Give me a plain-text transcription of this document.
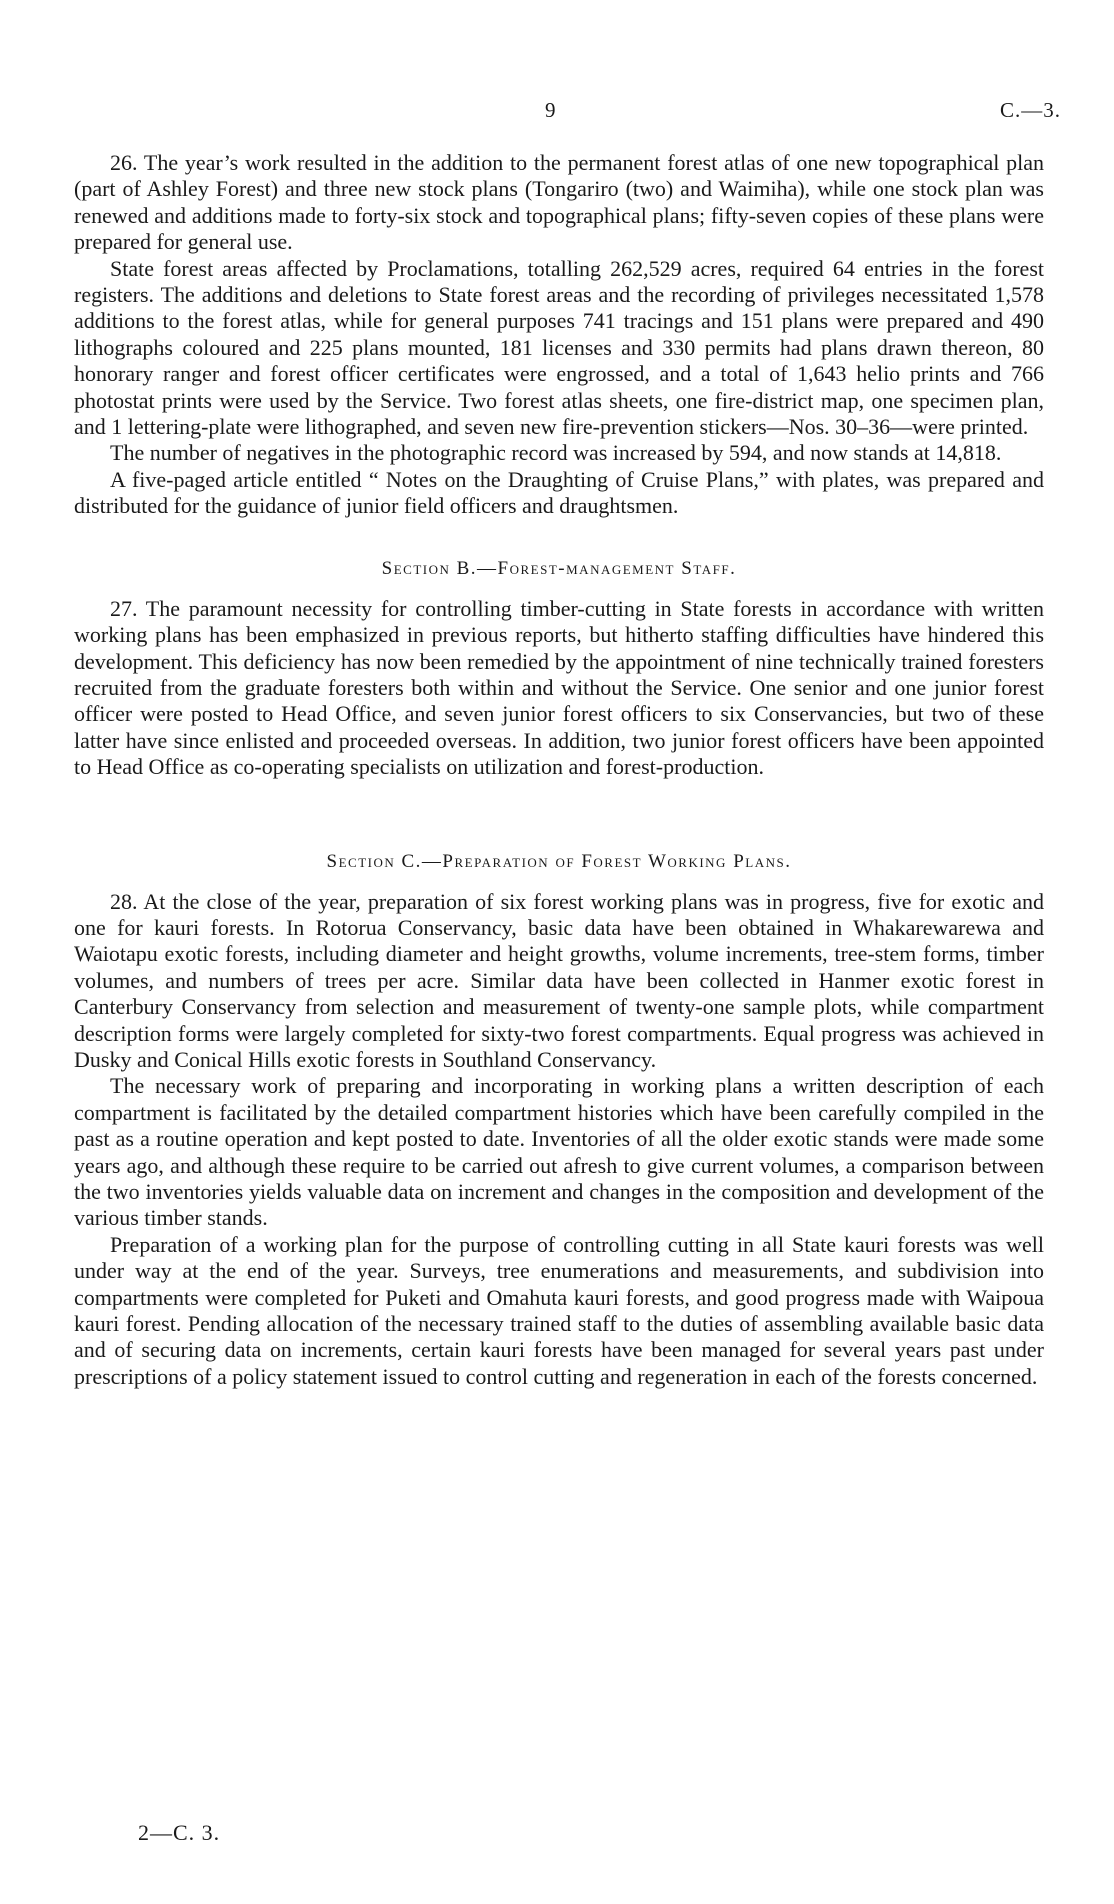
9	C.—3.

26. The year’s work resulted in the addition to the permanent forest atlas of one new topographical plan (part of Ashley Forest) and three new stock plans (Tongariro (two) and Waimiha), while one stock plan was renewed and additions made to forty-six stock and topographical plans; fifty-seven copies of these plans were prepared for general use.

State forest areas affected by Proclamations, totalling 262,529 acres, required 64 entries in the forest registers. The additions and deletions to State forest areas and the recording of privileges necessitated 1,578 additions to the forest atlas, while for general purposes 741 tracings and 151 plans were prepared and 490 lithographs coloured and 225 plans mounted, 181 licenses and 330 permits had plans drawn thereon, 80 honorary ranger and forest officer certificates were engrossed, and a total of 1,643 helio prints and 766 photostat prints were used by the Service. Two forest atlas sheets, one fire-district map, one specimen plan, and 1 lettering-plate were lithographed, and seven new fire-prevention stickers—Nos. 30–36—were printed.

The number of negatives in the photographic record was increased by 594, and now stands at 14,818.

A five-paged article entitled “ Notes on the Draughting of Cruise Plans,” with plates, was prepared and distributed for the guidance of junior field officers and draughtsmen.

Section B.—Forest-management Staff.

27. The paramount necessity for controlling timber-cutting in State forests in accordance with written working plans has been emphasized in previous reports, but hitherto staffing difficulties have hindered this development. This deficiency has now been remedied by the appointment of nine technically trained foresters recruited from the graduate foresters both within and without the Service. One senior and one junior forest officer were posted to Head Office, and seven junior forest officers to six Conservancies, but two of these latter have since enlisted and proceeded overseas. In addition, two junior forest officers have been appointed to Head Office as co-operating specialists on utilization and forest-production.

Section C.—Preparation of Forest Working Plans.

28. At the close of the year, preparation of six forest working plans was in progress, five for exotic and one for kauri forests. In Rotorua Conservancy, basic data have been obtained in Whakarewarewa and Waiotapu exotic forests, including diameter and height growths, volume increments, tree-stem forms, timber volumes, and numbers of trees per acre. Similar data have been collected in Hanmer exotic forest in Canterbury Conservancy from selection and measurement of twenty-one sample plots, while compartment description forms were largely completed for sixty-two forest compartments. Equal progress was achieved in Dusky and Conical Hills exotic forests in Southland Conservancy.

The necessary work of preparing and incorporating in working plans a written description of each compartment is facilitated by the detailed compartment histories which have been carefully compiled in the past as a routine operation and kept posted to date. Inventories of all the older exotic stands were made some years ago, and although these require to be carried out afresh to give current volumes, a comparison between the two inventories yields valuable data on increment and changes in the composition and development of the various timber stands.

Preparation of a working plan for the purpose of controlling cutting in all State kauri forests was well under way at the end of the year. Surveys, tree enumerations and measurements, and subdivision into compartments were completed for Puketi and Omahuta kauri forests, and good progress made with Waipoua kauri forest. Pending allocation of the necessary trained staff to the duties of assembling available basic data and of securing data on increments, certain kauri forests have been managed for several years past under prescriptions of a policy statement issued to control cutting and regeneration in each of the forests concerned.

2—C. 3.
